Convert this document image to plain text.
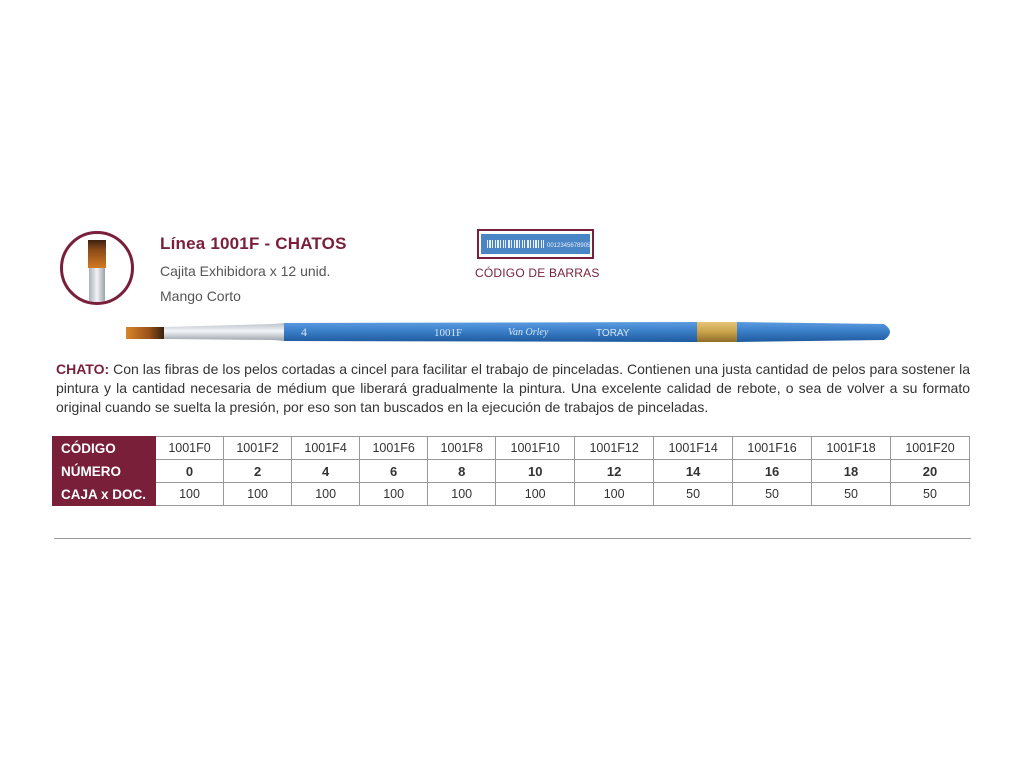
Línea 1001F - CHATOS
Cajita Exhibidora x 12 unid.
Mango Corto
0012345678905
CÓDIGO DE BARRAS
4	1001F	Van Orley	TORAY
CHATO: Con las fibras de los pelos cortadas a cincel para facilitar el trabajo de pinceladas. Contienen una justa cantidad de pelos para sostener la pintura y la cantidad necesaria de médium que liberará gradualmente la pintura. Una excelente calidad de rebote, o sea de volver a su formato original cuando se suelta la presión, por eso son tan buscados en la ejecución de trabajos de pinceladas.
CÓDIGO	1001F0	1001F2	1001F4	1001F6	1001F8	1001F10	1001F12	1001F14	1001F16	1001F18	1001F20
NÚMERO	0	2	4	6	8	10	12	14	16	18	20
CAJA x DOC.	100	100	100	100	100	100	100	50	50	50	50
